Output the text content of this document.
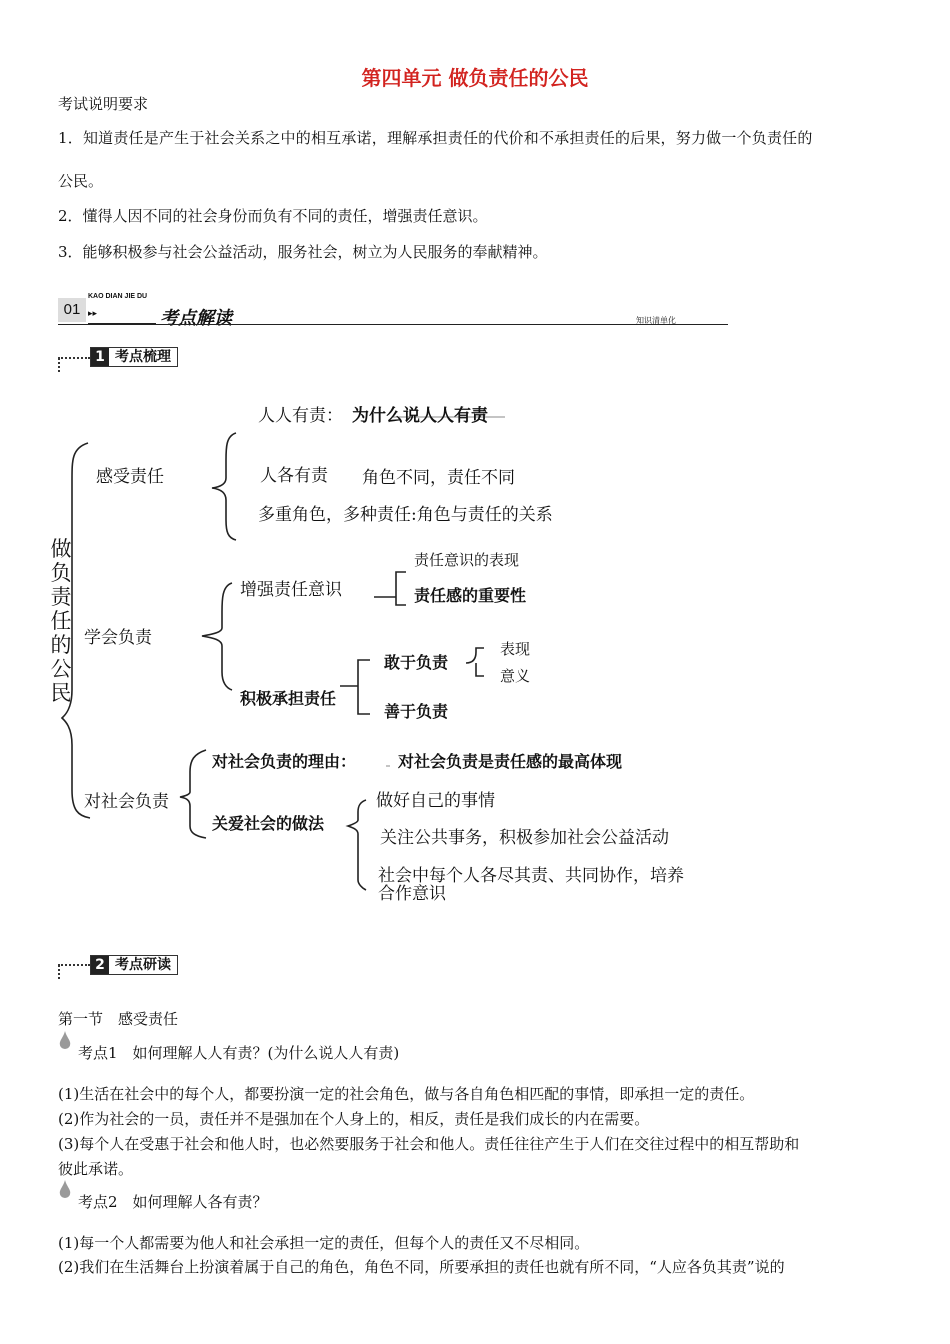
第四单元 做负责任的公民
考试说明要求
1．知道责任是产生于社会关系之中的相互承诺，理解承担责任的代价和不承担责任的后果，努力做一个负责任的
公民。
2．懂得人因不同的社会身份而负有不同的责任，增强责任意识。
3．能够积极参与社会公益活动，服务社会，树立为人民服务的奉献精神。
01
KAO DIAN JIE DU
▸▸	考点解读	知识清单化
1 考点梳理
做
负
责
任
的
公
民
感受责任
人人有责： 为什么说人人有责
人各有责 角色不同，责任不同
多重角色，多种责任:角色与责任的关系
学会负责
增强责任意识
责任意识的表现
责任感的重要性
积极承担责任
敢于负责
表现
意义
善于负责
对社会负责
对社会负责的理由：	对社会负责是责任感的最高体现
关爱社会的做法
做好自己的事情
关注公共事务，积极参加社会公益活动
社会中每个人各尽其责、共同协作，培养
合作意识
2 考点研读
第一节　感受责任
考点1　如何理解人人有责？(为什么说人人有责)
(1)生活在社会中的每个人，都要扮演一定的社会角色，做与各自角色相匹配的事情，即承担一定的责任。
(2)作为社会的一员，责任并不是强加在个人身上的，相反，责任是我们成长的内在需要。
(3)每个人在受惠于社会和他人时，也必然要服务于社会和他人。责任往往产生于人们在交往过程中的相互帮助和
彼此承诺。
考点2　如何理解人各有责？
(1)每一个人都需要为他人和社会承担一定的责任，但每个人的责任又不尽相同。
(2)我们在生活舞台上扮演着属于自己的角色，角色不同，所要承担的责任也就有所不同，“人应各负其责”说的
